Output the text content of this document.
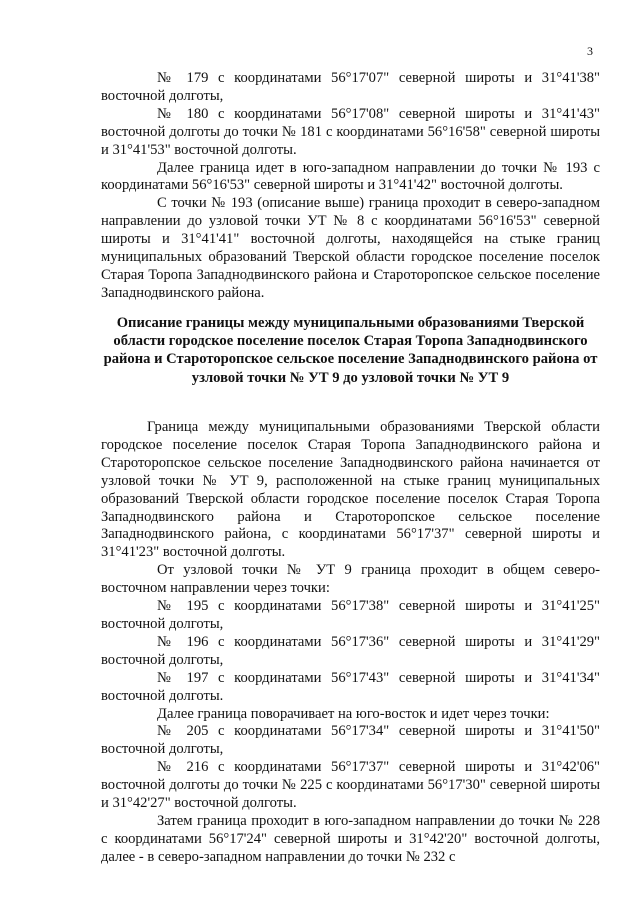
3

№ 179 с координатами 56°17'07" северной широты и 31°41'38" восточной долготы,

№ 180 с координатами 56°17'08" северной широты и 31°41'43" восточной долготы до точки № 181 с координатами 56°16'58" северной широты и 31°41'53" восточной долготы.

Далее граница идет в юго-западном направлении до точки № 193 с координатами 56°16'53" северной широты и 31°41'42" восточной долготы.

С точки № 193 (описание выше) граница проходит в северо-западном направлении до узловой точки УТ № 8 с координатами 56°16'53" северной широты и 31°41'41" восточной долготы, находящейся на стыке границ муниципальных образований Тверской области городское поселение поселок Старая Торопа Западнодвинского района и Староторопское сельское поселение Западнодвинского района.

Описание границы между муниципальными образованиями Тверской области городское поселение поселок Старая Торопа Западнодвинского района и Староторопское сельское поселение Западнодвинского района от узловой точки № УТ 9 до узловой точки № УТ 9

Граница между муниципальными образованиями Тверской области городское поселение поселок Старая Торопа Западнодвинского района и Староторопское сельское поселение Западнодвинского района начинается от узловой точки № УТ 9, расположенной на стыке границ муниципальных образований Тверской области городское поселение поселок Старая Торопа Западнодвинского района и Староторопское сельское поселение Западнодвинского района, с координатами 56°17'37" северной широты и 31°41'23" восточной долготы.

От узловой точки № УТ 9 граница проходит в общем северо-восточном направлении через точки:

№ 195 с координатами 56°17'38" северной широты и 31°41'25" восточной долготы,

№ 196 с координатами 56°17'36" северной широты и 31°41'29" восточной долготы,

№ 197 с координатами 56°17'43" северной широты и 31°41'34" восточной долготы.

Далее граница поворачивает на юго-восток и идет через точки:

№ 205 с координатами 56°17'34" северной широты и 31°41'50" восточной долготы,

№ 216 с координатами 56°17'37" северной широты и 31°42'06" восточной долготы до точки № 225 с координатами 56°17'30" северной широты и 31°42'27" восточной долготы.

Затем граница проходит в юго-западном направлении до точки № 228 с координатами 56°17'24" северной широты и 31°42'20" восточной долготы, далее - в северо-западном направлении до точки № 232 с
